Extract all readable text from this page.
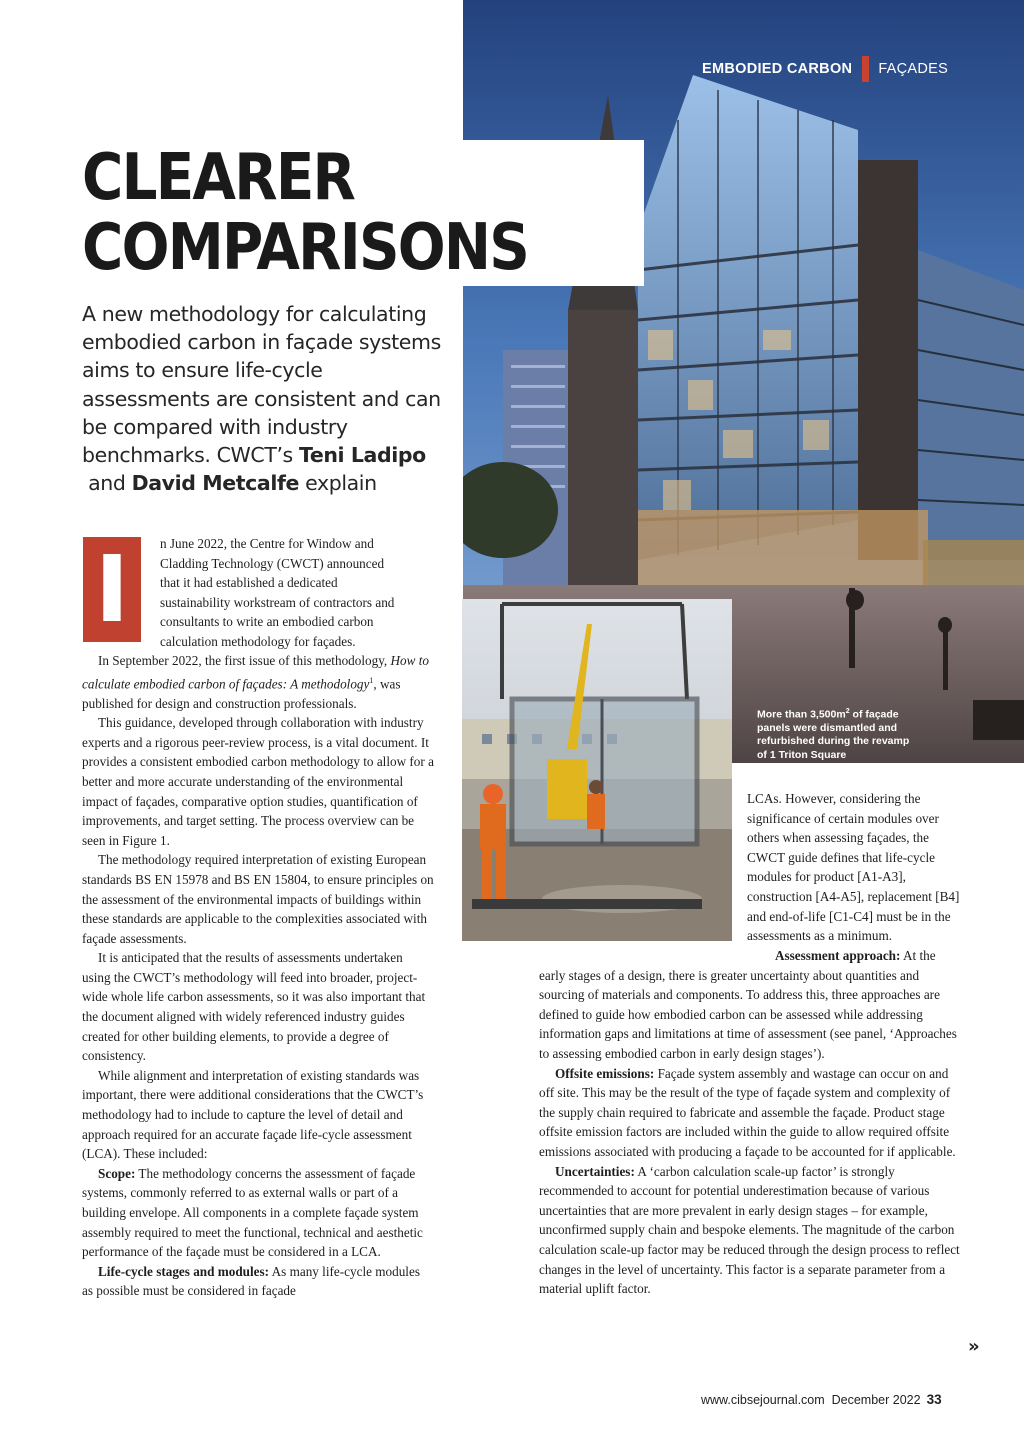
EMBODIED CARBON FAÇADES
More than $3,500m^2$ of façade panels were dismantled and refurbished during the revamp of 1 Triton Square
CLEARER
COMPARISONS
A new methodology for calculating embodied carbon in façade systems aims to ensure life-cycle assessments are consistent and can be compared with industry benchmarks. CWCT’s Teni Ladipo and David Metcalfe explain
I	n June 2022, the Centre for Window and
Cladding Technology (CWCT) announced
that it had established a dedicated
sustainability workstream of contractors and
consultants to write an embodied carbon
calculation methodology for façades.

In September 2022, the first issue of this methodology, How to calculate embodied carbon of façades: A methodology$^1$, was published for design and construction professionals.

This guidance, developed through collaboration with industry experts and a rigorous peer-review process, is a vital document. It provides a consistent embodied carbon methodology to allow for a better and more accurate understanding of the environmental impact of façades, comparative option studies, quantification of improvements, and target setting. The process overview can be seen in Figure 1.

The methodology required interpretation of existing European standards BS EN 15978 and BS EN 15804, to ensure principles on the assessment of the environmental impacts of buildings within these standards are applicable to the complexities associated with façade assessments.

It is anticipated that the results of assessments undertaken using the CWCT’s methodology will feed into broader, project-wide whole life carbon assessments, so it was also important that the document aligned with widely referenced industry guides created for other building elements, to provide a degree of consistency.

While alignment and interpretation of existing standards was important, there were additional considerations that the CWCT’s methodology had to include to capture the level of detail and approach required for an accurate façade life-cycle assessment (LCA). These included:

Scope: The methodology concerns the assessment of façade systems, commonly referred to as external walls or part of a building envelope. All components in a complete façade system assembly required to meet the functional, technical and aesthetic performance of the façade must be considered in a LCA.

Life-cycle stages and modules: As many life-cycle modules as possible must be considered in façade

LCAs. However, considering the significance of certain modules over others when assessing façades, the CWCT guide defines that life-cycle modules for product [A1-A3], construction [A4-A5], replacement [B4] and end-of-life [C1-C4] must be in the assessments as a minimum.

Assessment approach: At the early stages of a design, there is greater uncertainty about quantities and sourcing of materials and components. To address this, three approaches are defined to guide how embodied carbon can be assessed while addressing information gaps and limitations at time of assessment (see panel, ‘Approaches to assessing embodied carbon in early design stages’).

Offsite emissions: Façade system assembly and wastage can occur on and off site. This may be the result of the type of façade system and complexity of the supply chain required to fabricate and assemble the façade. Product stage offsite emission factors are included within the guide to allow required offsite emissions associated with producing a façade to be accounted for if applicable.

Uncertainties: A ‘carbon calculation scale-up factor’ is strongly recommended to account for potential underestimation because of various uncertainties that are more prevalent in early design stages – for example, unconfirmed supply chain and bespoke elements. The magnitude of the carbon calculation scale-up factor may be reduced through the design process to reflect changes in the level of uncertainty. This factor is a separate parameter from a material uplift factor.

»
www.cibsejournal.com December 2022 33
